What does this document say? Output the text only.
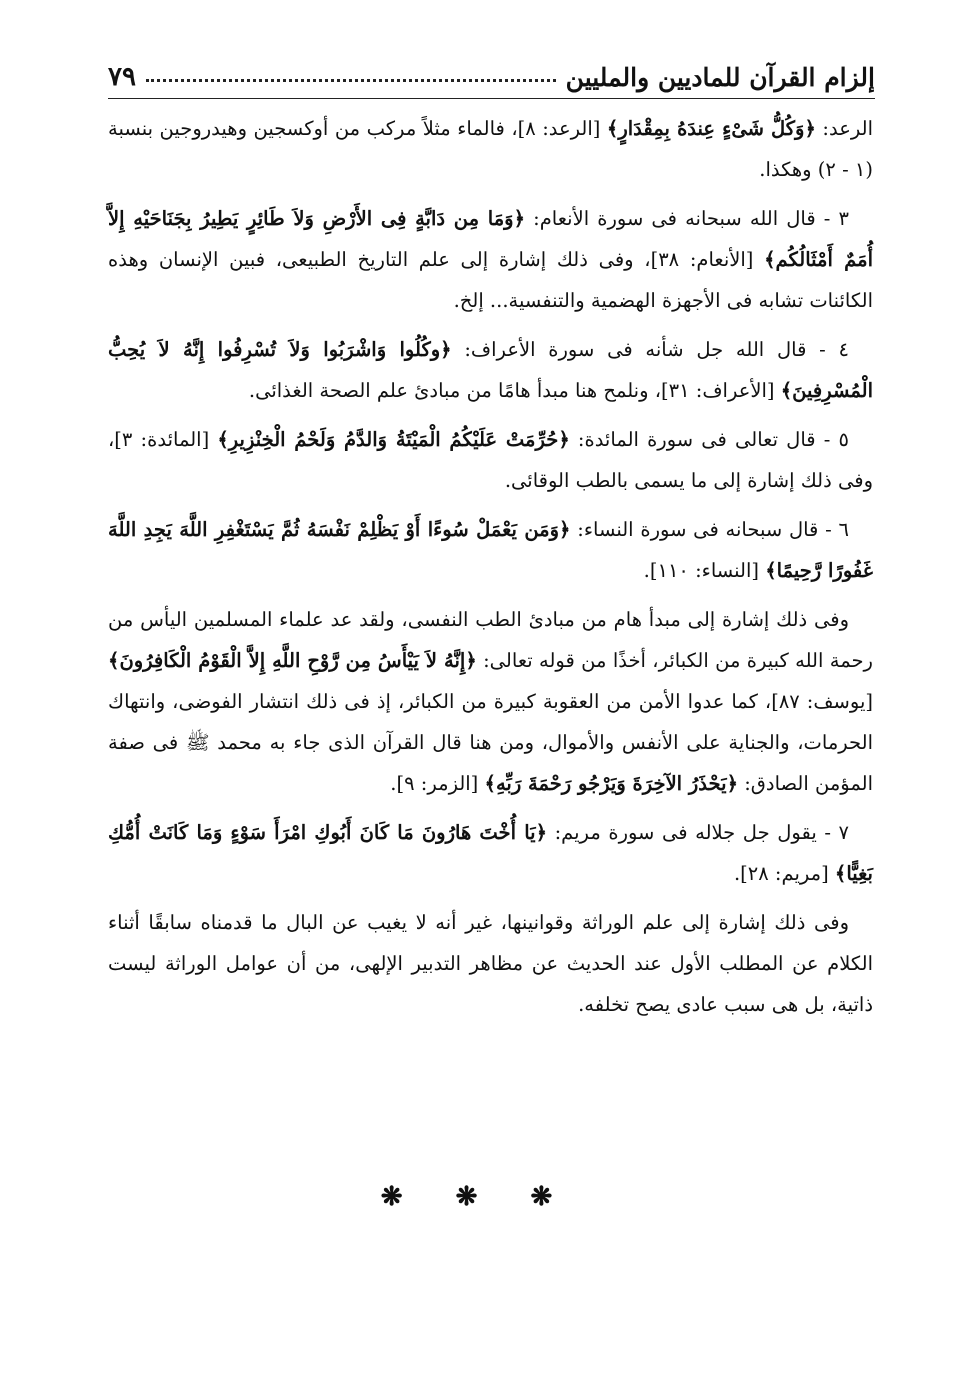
إلزام القرآن للماديين والمليين
٧٩

الرعد: ﴿وَكُلُّ شَىْءٍ عِندَهُ بِمِقْدَارٍ﴾ [الرعد: ٨]، فالماء مثلاً مركب من أوكسجين وهيدروجين بنسبة (١ - ٢) وهكذا.

٣ - قال الله سبحانه فى سورة الأنعام: ﴿وَمَا مِن دَابَّةٍ فِى الأَرْضِ وَلاَ طَائِرٍ يَطِيرُ بِجَنَاحَيْهِ إِلاَّ أُمَمٌ أَمْثَالُكُم﴾ [الأنعام: ٣٨]، وفى ذلك إشارة إلى علم التاريخ الطبيعى، فبين الإنسان وهذه الكائنات تشابه فى الأجهزة الهضمية والتنفسية... إلخ.

٤ - قال الله جل شأنه فى سورة الأعراف: ﴿وكُلُوا وَاشْرَبُوا وَلاَ تُسْرِفُوا إِنَّهُ لاَ يُحِبُّ الْمُسْرِفِينَ﴾ [الأعراف: ٣١]، ونلمح هنا مبدأ هامًا من مبادئ علم الصحة الغذائى.

٥ - قال تعالى فى سورة المائدة: ﴿حُرِّمَتْ عَلَيْكُمُ الْمَيْتَةُ وَالدَّمُ وَلَحْمُ الْخِنْزِيرِ﴾ [المائدة: ٣]، وفى ذلك إشارة إلى ما يسمى بالطب الوقائى.

٦ - قال سبحانه فى سورة النساء: ﴿وَمَن يَعْمَلْ سُوءًا أَوْ يَظْلِمْ نَفْسَهُ ثُمَّ يَسْتَغْفِرِ اللَّهَ يَجِدِ اللَّهَ غَفُورًا رَّحِيمًا﴾ [النساء: ١١٠].

وفى ذلك إشارة إلى مبدأ هام من مبادئ الطب النفسى، ولقد عد علماء المسلمين اليأس من رحمة الله كبيرة من الكبائر، أخذًا من قوله تعالى: ﴿إِنَّهُ لاَ يَيْأَسُ مِن رَّوْحِ اللَّهِ إِلاَّ الْقَوْمُ الْكَافِرُونَ﴾ [يوسف: ٨٧]، كما عدوا الأمن من العقوبة كبيرة من الكبائر، إذ فى ذلك انتشار الفوضى، وانتهاك الحرمات، والجناية على الأنفس والأموال، ومن هنا قال القرآن الذى جاء به محمد ﷺ فى صفة المؤمن الصادق: ﴿يَحْذَرُ الآخِرَةَ وَيَرْجُو رَحْمَةَ رَبِّهِ﴾ [الزمر: ٩].

٧ - يقول جل جلاله فى سورة مريم: ﴿يَا أُخْتَ هَارُونَ مَا كَانَ أَبُوكِ امْرَأَ سَوْءٍ وَمَا كَانَتْ أُمُّكِ بَغِيًّا﴾ [مريم: ٢٨].

وفى ذلك إشارة إلى علم الوراثة وقوانينها، غير أنه لا يغيب عن البال ما قدمناه سابقًا أثناء الكلام عن المطلب الأول عند الحديث عن مظاهر التدبير الإلهى، من أن عوامل الوراثة ليست ذاتية، بل هى سبب عادى يصح تخلفه.

❋ ❋ ❋
